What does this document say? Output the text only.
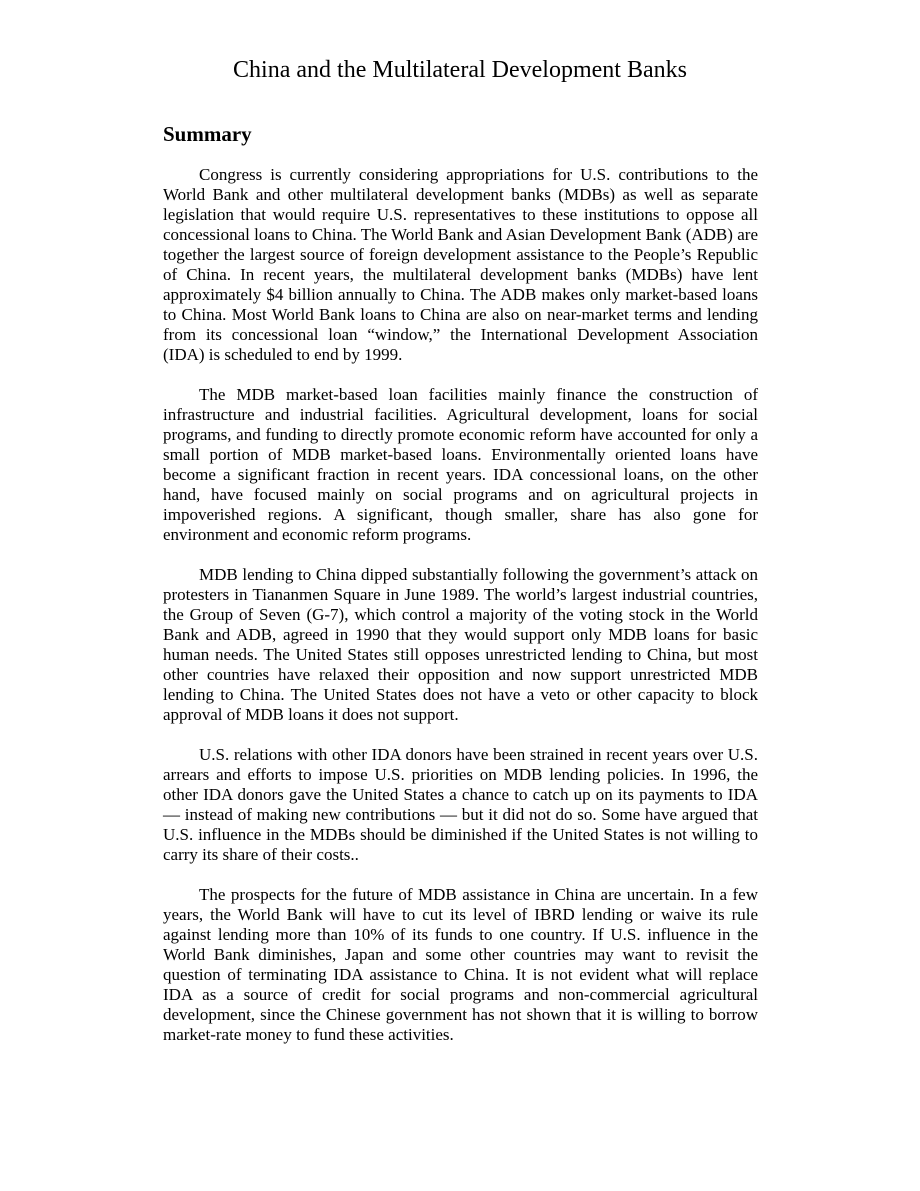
China and the Multilateral Development Banks
Summary

Congress is currently considering appropriations for U.S. contributions to the World Bank and other multilateral development banks (MDBs) as well as separate legislation that would require U.S. representatives to these institutions to oppose all concessional loans to China. The World Bank and Asian Development Bank (ADB) are together the largest source of foreign development assistance to the People’s Republic of China. In recent years, the multilateral development banks (MDBs) have lent approximately $4 billion annually to China. The ADB makes only market-based loans to China. Most World Bank loans to China are also on near-market terms and lending from its concessional loan “window,” the International Development Association (IDA) is scheduled to end by 1999.

The MDB market-based loan facilities mainly finance the construction of infrastructure and industrial facilities. Agricultural development, loans for social programs, and funding to directly promote economic reform have accounted for only a small portion of MDB market-based loans. Environmentally oriented loans have become a significant fraction in recent years. IDA concessional loans, on the other hand, have focused mainly on social programs and on agricultural projects in impoverished regions. A significant, though smaller, share has also gone for environment and economic reform programs.

MDB lending to China dipped substantially following the government’s attack on protesters in Tiananmen Square in June 1989. The world’s largest industrial countries, the Group of Seven (G-7), which control a majority of the voting stock in the World Bank and ADB, agreed in 1990 that they would support only MDB loans for basic human needs. The United States still opposes unrestricted lending to China, but most other countries have relaxed their opposition and now support unrestricted MDB lending to China. The United States does not have a veto or other capacity to block approval of MDB loans it does not support.

U.S. relations with other IDA donors have been strained in recent years over U.S. arrears and efforts to impose U.S. priorities on MDB lending policies. In 1996, the other IDA donors gave the United States a chance to catch up on its payments to IDA — instead of making new contributions — but it did not do so. Some have argued that U.S. influence in the MDBs should be diminished if the United States is not willing to carry its share of their costs..

The prospects for the future of MDB assistance in China are uncertain. In a few years, the World Bank will have to cut its level of IBRD lending or waive its rule against lending more than 10% of its funds to one country. If U.S. influence in the World Bank diminishes, Japan and some other countries may want to revisit the question of terminating IDA assistance to China. It is not evident what will replace IDA as a source of credit for social programs and non-commercial agricultural development, since the Chinese government has not shown that it is willing to borrow market-rate money to fund these activities.
